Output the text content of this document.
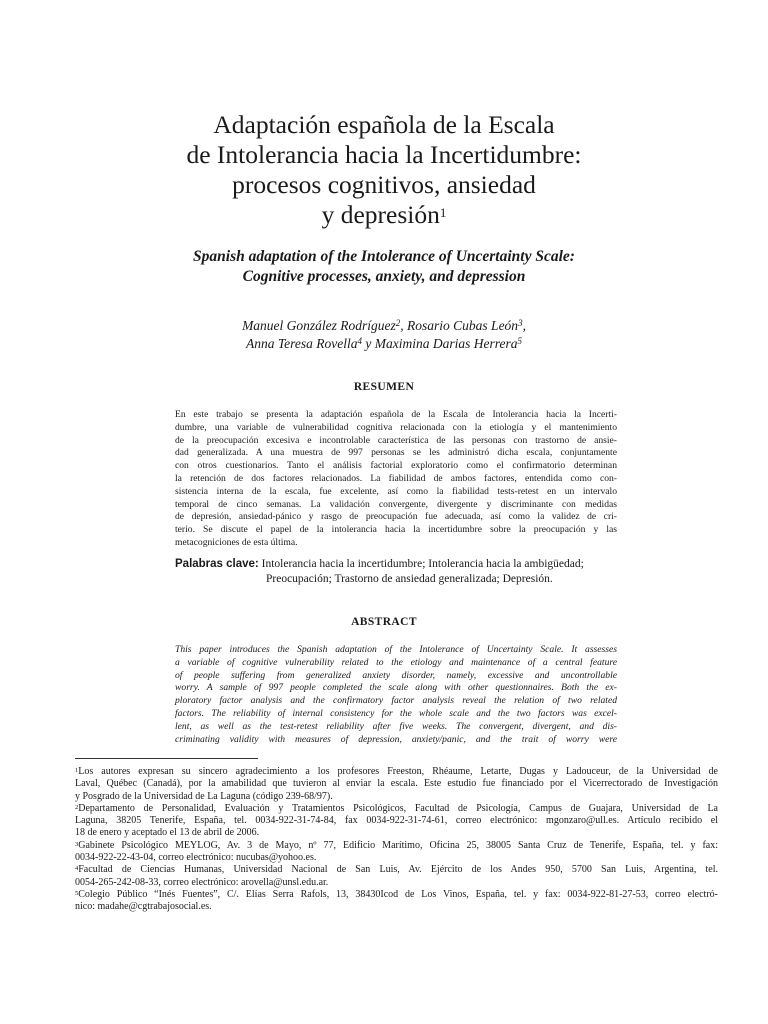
Adaptación española de la Escala
de Intolerancia hacia la Incertidumbre:
procesos cognitivos, ansiedad
y depresión$^1$
Spanish adaptation of the Intolerance of Uncertainty Scale:
Cognitive processes, anxiety, and depression
Manuel González Rodríguez$^2$, Rosario Cubas León$^3$,
Anna Teresa Rovella$^4$ y Maximina Darias Herrera$^5$
RESUMEN
En este trabajo se presenta la adaptación española de la Escala de Intolerancia hacia la Incerti-
dumbre, una variable de vulnerabilidad cognitiva relacionada con la etiología y el mantenimiento
de la preocupación excesiva e incontrolable característica de las personas con trastorno de ansie-
dad generalizada. A una muestra de 997 personas se les administró dicha escala, conjuntamente
con otros cuestionarios. Tanto el análisis factorial exploratorio como el confirmatorio determinan
la retención de dos factores relacionados. La fiabilidad de ambos factores, entendida como con-
sistencia interna de la escala, fue excelente, así como la fiabilidad tests-retest en un intervalo
temporal de cinco semanas. La validación convergente, divergente y discriminante con medidas
de depresión, ansiedad-pánico y rasgo de preocupación fue adecuada, así como la validez de cri-
terio. Se discute el papel de la intolerancia hacia la incertidumbre sobre la preocupación y las
metacogniciones de esta última.
Palabras clave: Intolerancia hacia la incertidumbre; Intolerancia hacia la ambigüedad;
Preocupación; Trastorno de ansiedad generalizada; Depresión.
ABSTRACT
This paper introduces the Spanish adaptation of the Intolerance of Uncertainty Scale. It assesses
a variable of cognitive vulnerability related to the etiology and maintenance of a central feature
of people suffering from generalized anxiety disorder, namely, excessive and uncontrollable
worry. A sample of 997 people completed the scale along with other questionnaires. Both the ex-
ploratory factor analysis and the confirmatory factor analysis reveal the relation of two related
factors. The reliability of internal consistency for the whole scale and the two factors was excel-
lent, as well as the test-retest reliability after five weeks. The convergent, divergent, and dis-
criminating validity with measures of depression, anxiety/panic, and the trait of worry were
$^1$Los autores expresan su sincero agradecimiento a los profesores Freeston, Rhéaume, Letarte, Dugas y Ladouceur, de la Universidad de
Laval, Québec (Canadá), por la amabilidad que tuvieron al enviar la escala. Este estudio fue financiado por el Vicerrectorado de Investigación
y Posgrado de la Universidad de La Laguna (código 239-68/97).
$^2$Departamento de Personalidad, Evaluación y Tratamientos Psicológicos, Facultad de Psicología, Campus de Guajara, Universidad de La
Laguna, 38205 Tenerife, España, tel. 0034-922-31-74-84, fax 0034-922-31-74-61, correo electrónico: mgonzaro@ull.es. Artículo recibido el
18 de enero y aceptado el 13 de abril de 2006.
$^3$Gabinete Psicológico MEYLOG, Av. 3 de Mayo, nº 77, Edificio Marítimo, Oficina 25, 38005 Santa Cruz de Tenerife, España, tel. y fax:
0034-922-22-43-04, correo electrónico: nucubas@yohoo.es.
$^4$Facultad de Ciencias Humanas, Universidad Nacional de San Luis, Av. Ejército de los Andes 950, 5700 San Luis, Argentina, tel.
0054-265-242-08-33, correo electrónico: arovella@unsl.edu.ar.
$^5$Colegio Público “Inés Fuentes”, C/. Elías Serra Rafols, 13, 38430Icod de Los Vinos, España, tel. y fax: 0034-922-81-27-53, correo electró-
nico: madahe@cgtrabajosocial.es.
